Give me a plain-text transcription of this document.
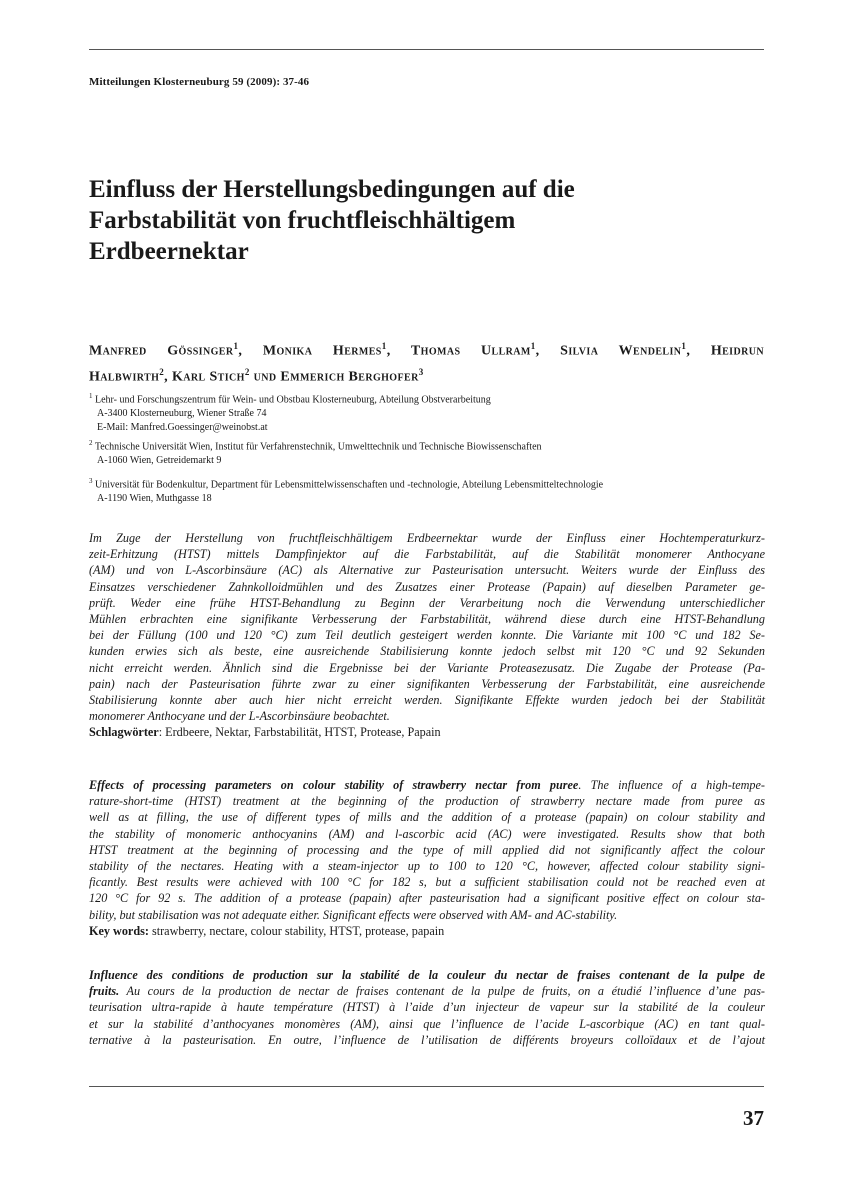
Mitteilungen Klosterneuburg 59 (2009): 37-46
Einfluss der Herstellungsbedingungen auf die
Farbstabilität von fruchtfleischhältigem
Erdbeernektar

Manfred Gössinger$^1$, Monika Hermes$^1$, Thomas Ullram$^1$, Silvia Wendelin$^1$, Heidrun
Halbwirth$^2$, Karl Stich$^2$ und Emmerich Berghofer$^3$

$^1$ Lehr- und Forschungszentrum für Wein- und Obstbau Klosterneuburg, Abteilung Obstverarbeitung
A-3400 Klosterneuburg, Wiener Straße 74
E-Mail: Manfred.Goessinger@weinobst.at
$^2$ Technische Universität Wien, Institut für Verfahrenstechnik, Umwelttechnik und Technische Biowissenschaften
A-1060 Wien, Getreidemarkt 9
$^3$ Universität für Bodenkultur, Department für Lebensmittelwissenschaften und -technologie, Abteilung Lebensmitteltechnologie
A-1190 Wien, Muthgasse 18
Im Zuge der Herstellung von fruchtfleischhältigem Erdbeernektar wurde der Einfluss einer Hochtemperaturkurz-
zeit-Erhitzung (HTST) mittels Dampfinjektor auf die Farbstabilität, auf die Stabilität monomerer Anthocyane
(AM) und von L-Ascorbinsäure (AC) als Alternative zur Pasteurisation untersucht. Weiters wurde der Einfluss des
Einsatzes verschiedener Zahnkolloidmühlen und des Zusatzes einer Protease (Papain) auf dieselben Parameter ge-
prüft. Weder eine frühe HTST-Behandlung zu Beginn der Verarbeitung noch die Verwendung unterschiedlicher
Mühlen erbrachten eine signifikante Verbesserung der Farbstabilität, während diese durch eine HTST-Behandlung
bei der Füllung (100 und 120 °C) zum Teil deutlich gesteigert werden konnte. Die Variante mit 100 °C und 182 Se-
kunden erwies sich als beste, eine ausreichende Stabilisierung konnte jedoch selbst mit 120 °C und 92 Sekunden
nicht erreicht werden. Ähnlich sind die Ergebnisse bei der Variante Proteasezusatz. Die Zugabe der Protease (Pa-
pain) nach der Pasteurisation führte zwar zu einer signifikanten Verbesserung der Farbstabilität, eine ausreichende
Stabilisierung konnte aber auch hier nicht erreicht werden. Signifikante Effekte wurden jedoch bei der Stabilität
monomerer Anthocyane und der L-Ascorbinsäure beobachtet.
Schlagwörter: Erdbeere, Nektar, Farbstabilität, HTST, Protease, Papain
Effects of processing parameters on colour stability of strawberry nectar from puree. The influence of a high-tempe-
rature-short-time (HTST) treatment at the beginning of the production of strawberry nectare made from puree as
well as at filling, the use of different types of mills and the addition of a protease (papain) on colour stability and
the stability of monomeric anthocyanins (AM) and l-ascorbic acid (AC) were investigated. Results show that both
HTST treatment at the beginning of processing and the type of mill applied did not significantly affect the colour
stability of the nectares. Heating with a steam-injector up to 100 to 120 °C, however, affected colour stability signi-
ficantly. Best results were achieved with 100 °C for 182 s, but a sufficient stabilisation could not be reached even at
120 °C for 92 s. The addition of a protease (papain) after pasteurisation had a significant positive effect on colour sta-
bility, but stabilisation was not adequate either. Significant effects were observed with AM- and AC-stability.
Key words: strawberry, nectare, colour stability, HTST, protease, papain
Influence des conditions de production sur la stabilité de la couleur du nectar de fraises contenant de la pulpe de
fruits. Au cours de la production de nectar de fraises contenant de la pulpe de fruits, on a étudié l’influence d’une pas-
teurisation ultra-rapide à haute température (HTST) à l’aide d’un injecteur de vapeur sur la stabilité de la couleur
et sur la stabilité d’anthocyanes monomères (AM), ainsi que l’influence de l’acide L-ascorbique (AC) en tant qual-
ternative à la pasteurisation. En outre, l’influence de l’utilisation de différents broyeurs colloïdaux et de l’ajout
37
